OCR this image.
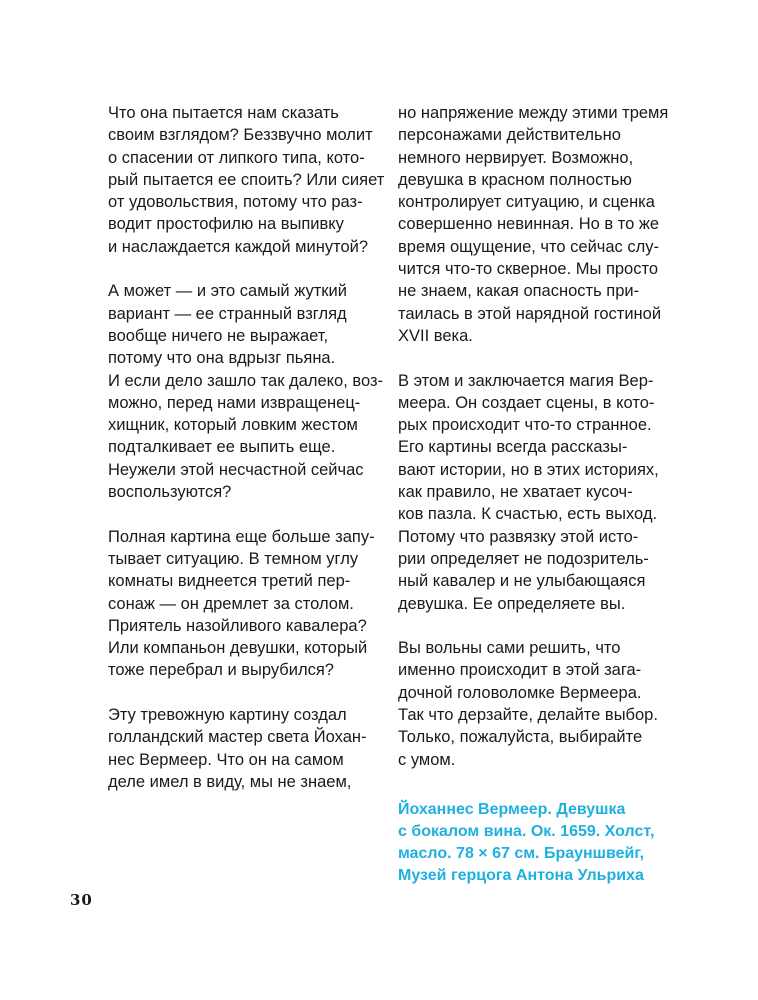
Что она пытается нам сказать
своим взглядом? Беззвучно молит
о спасении от липкого типа, кото-
рый пытается ее споить? Или сияет
от удовольствия, потому что раз-
водит простофилю на выпивку
и наслаждается каждой минутой?
А может — и это самый жуткий
вариант — ее странный взгляд
вообще ничего не выражает,
потому что она вдрызг пьяна.
И если дело зашло так далеко, воз-
можно, перед нами извращенец-
хищник, который ловким жестом
подталкивает ее выпить еще.
Неужели этой несчастной сейчас
воспользуются?
Полная картина еще больше запу-
тывает ситуацию. В темном углу
комнаты виднеется третий пер-
сонаж — он дремлет за столом.
Приятель назойливого кавалера?
Или компаньон девушки, который
тоже перебрал и вырубился?
Эту тревожную картину создал
голландский мастер света Йохан-
нес Вермеер. Что он на самом
деле имел в виду, мы не знаем,
но напряжение между этими тремя
персонажами действительно
немного нервирует. Возможно,
девушка в красном полностью
контролирует ситуацию, и сценка
совершенно невинная. Но в то же
время ощущение, что сейчас слу-
чится что-то скверное. Мы просто
не знаем, какая опасность при-
таилась в этой нарядной гостиной
XVII века.
В этом и заключается магия Вер-
меера. Он создает сцены, в кото-
рых происходит что-то странное.
Его картины всегда рассказы-
вают истории, но в этих историях,
как правило, не хватает кусоч-
ков пазла. К счастью, есть выход.
Потому что развязку этой исто-
рии определяет не подозритель-
ный кавалер и не улыбающаяся
девушка. Ее определяете вы.
Вы вольны сами решить, что
именно происходит в этой зага-
дочной головоломке Вермеера.
Так что дерзайте, делайте выбор.
Только, пожалуйста, выбирайте
с умом.
Йоханнес Вермеер. Девушка
с бокалом вина. Ок. 1659. Холст,
масло. 78 × 67 см. Брауншвейг,
Музей герцога Антона Ульриха
30
